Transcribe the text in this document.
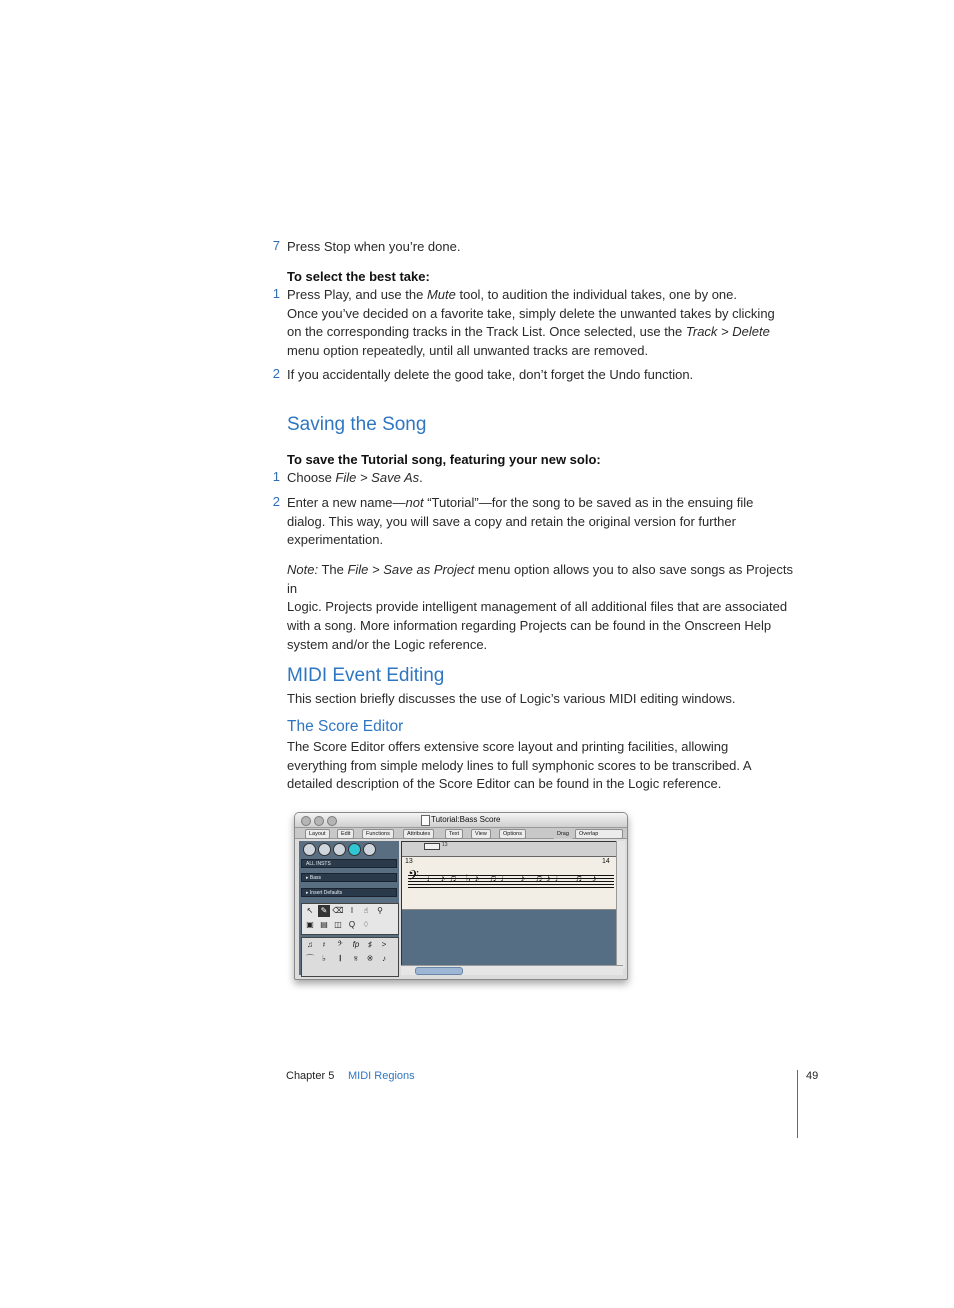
7 Press Stop when you’re done.
To select the best take:
1 Press Play, and use the Mute tool, to audition the individual takes, one by one.
Once you’ve decided on a favorite take, simply delete the unwanted takes by clicking
on the corresponding tracks in the Track List. Once selected, use the Track > Delete
menu option repeatedly, until all unwanted tracks are removed.
2 If you accidentally delete the good take, don’t forget the Undo function.
Saving the Song
To save the Tutorial song, featuring your new solo:
1 Choose File > Save As.
2 Enter a new name—not “Tutorial”—for the song to be saved as in the ensuing file
dialog. This way, you will save a copy and retain the original version for further
experimentation.
Note: The File > Save as Project menu option allows you to also save songs as Projects in
Logic. Projects provide intelligent management of all additional files that are associated
with a song. More information regarding Projects can be found in the Onscreen Help
system and/or the Logic reference.
MIDI Event Editing
This section briefly discusses the use of Logic’s various MIDI editing windows.
The Score Editor
The Score Editor offers extensive score layout and printing facilities, allowing
everything from simple melody lines to full symphonic scores to be transcribed. A
detailed description of the Score Editor can be found in the Logic reference.
Tutorial:Bass Score
Layout	Edit	Functions	Attributes	Text	View	Options	Drag	Overlap
ALL INSTS
▸ Bass
▸ Insert Defaults
↖ ✎ ⌫ I	☝	⚲
▣ ▤ ◫ Q ♢
♫	𝄽	𝄢	fp	♯	>
⌒	♭	𝄂	𝄋	※	♪
13
13	14
𝄢 ♩♪♫ ♭♪ ♫♩ ♪ ♫♪♩ ♫ ♪
Chapter 5 MIDI Regions	49
